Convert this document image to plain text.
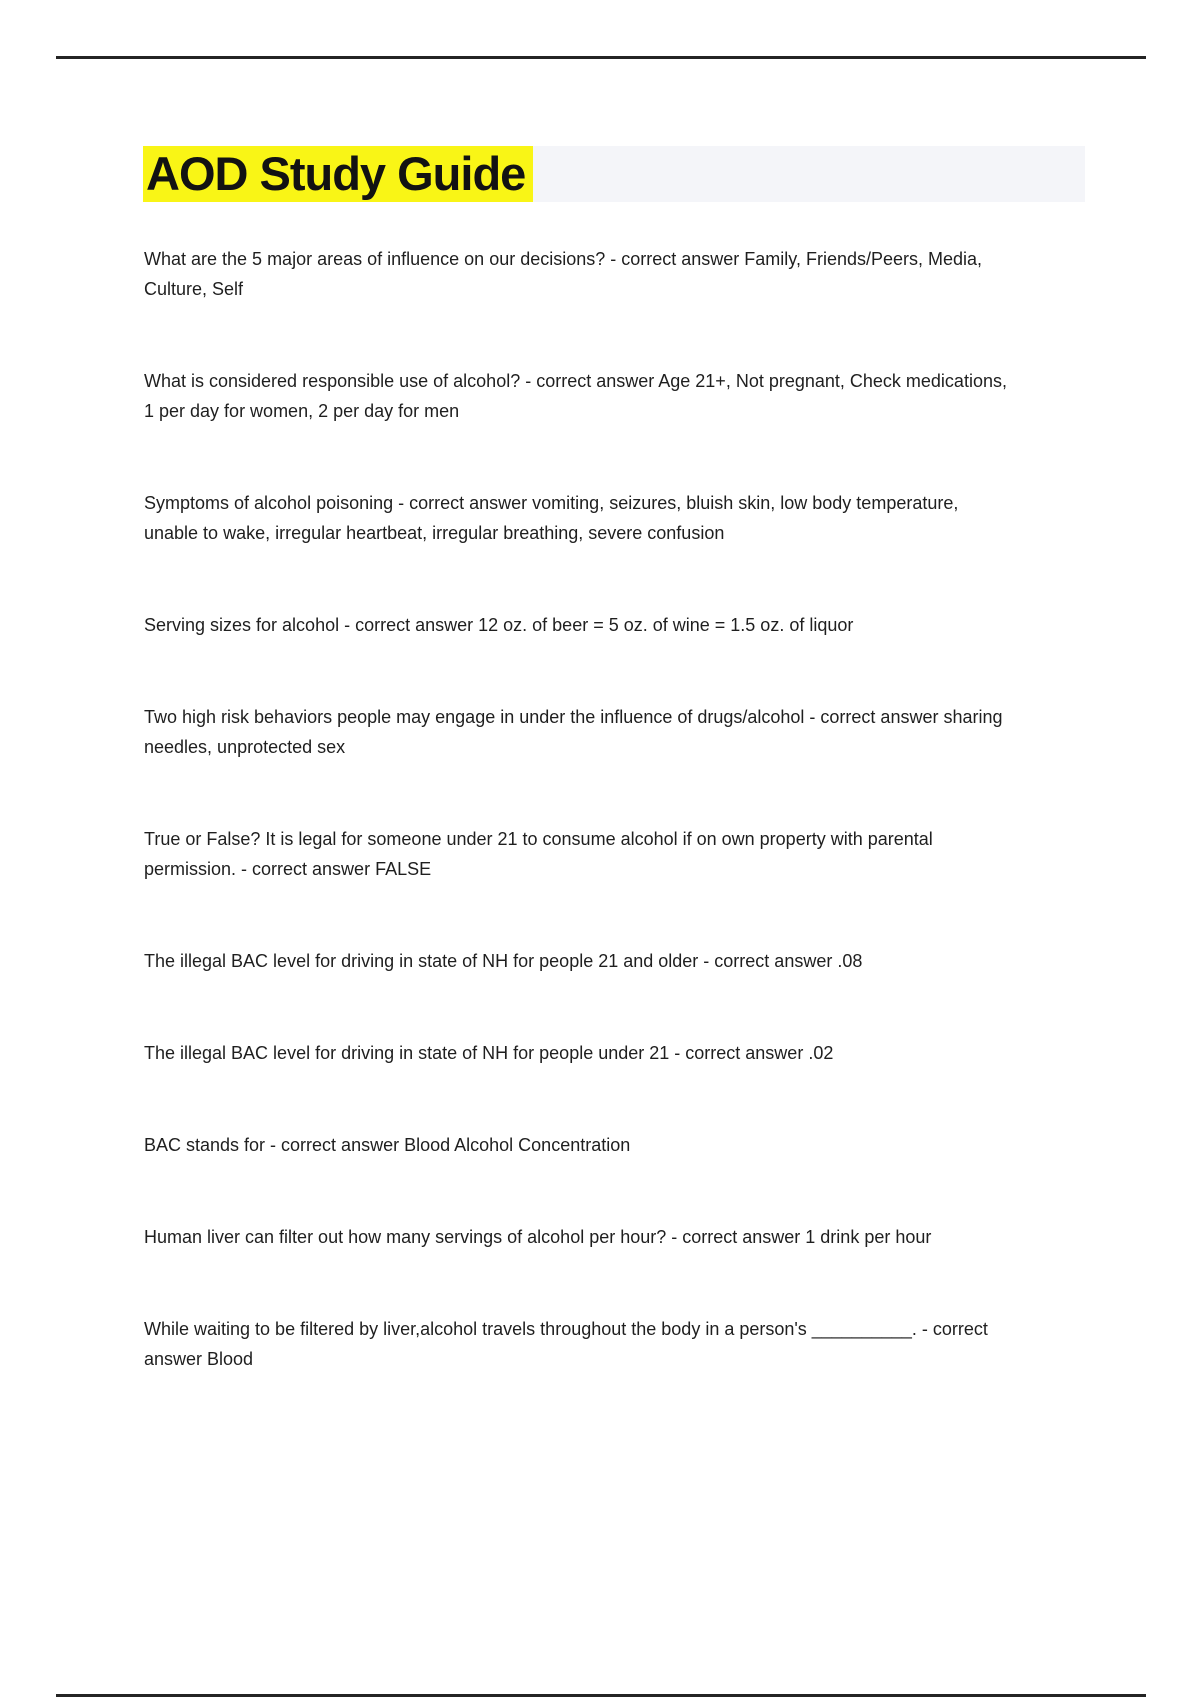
AOD Study Guide

What are the 5 major areas of influence on our decisions? - correct answer Family, Friends/Peers, Media, Culture, Self

What is considered responsible use of alcohol? - correct answer Age 21+, Not pregnant, Check medications, 1 per day for women, 2 per day for men

Symptoms of alcohol poisoning - correct answer vomiting, seizures, bluish skin, low body temperature, unable to wake, irregular heartbeat, irregular breathing, severe confusion

Serving sizes for alcohol - correct answer 12 oz. of beer = 5 oz. of wine = 1.5 oz. of liquor

Two high risk behaviors people may engage in under the influence of drugs/alcohol - correct answer sharing needles, unprotected sex

True or False? It is legal for someone under 21 to consume alcohol if on own property with parental permission. - correct answer FALSE

The illegal BAC level for driving in state of NH for people 21 and older - correct answer .08

The illegal BAC level for driving in state of NH for people under 21 - correct answer .02

BAC stands for - correct answer Blood Alcohol Concentration

Human liver can filter out how many servings of alcohol per hour? - correct answer 1 drink per hour

While waiting to be filtered by liver,alcohol travels throughout the body in a person's __________. - correct answer Blood
